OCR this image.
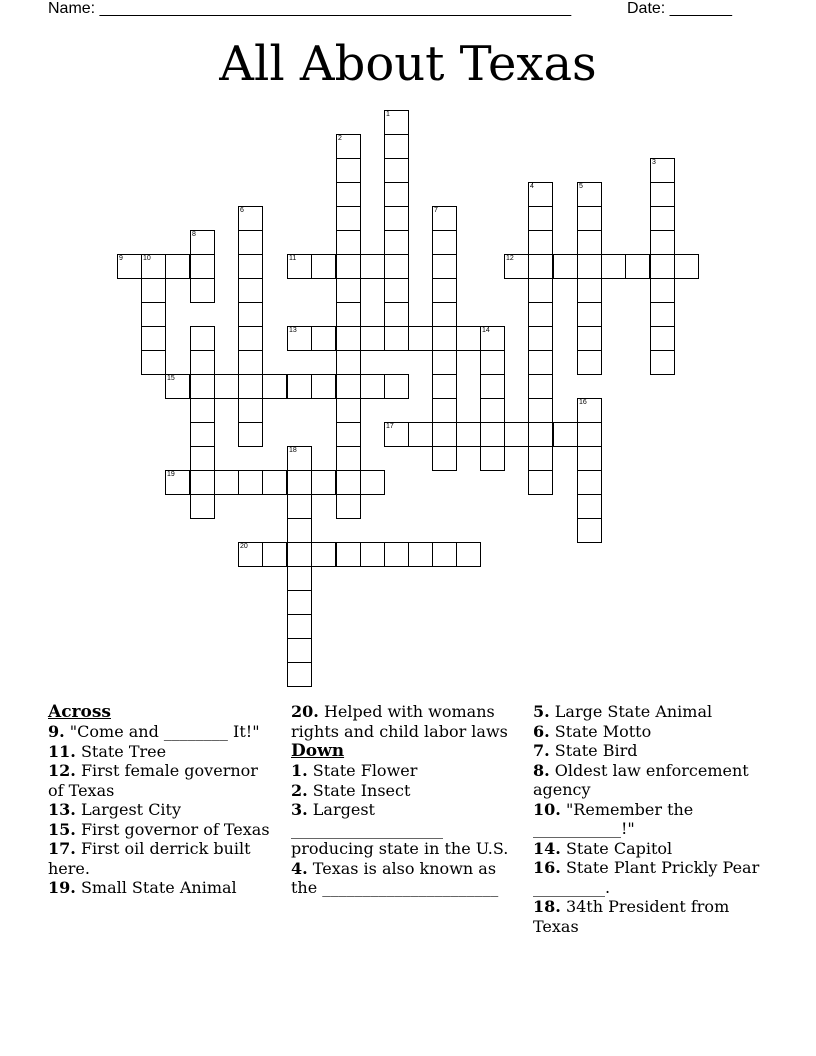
Name: _____________________________________________________	Date: _______
All About Texas
1
2
3
4	5
6	7
8
9	10	11	12
13	14
15
16
17
18
19
20
Across
9. "Come and ________ It!"
11. State Tree
12. First female governor of Texas
13. Largest City
15. First governor of Texas
17. First oil derrick built here.
19. Small State Animal
20. Helped with womans rights and child labor laws
Down
1. State Flower
2. State Insect
3. Largest ___________________ producing state in the U.S.
4. Texas is also known as the ______________________
5. Large State Animal
6. State Motto
7. State Bird
8. Oldest law enforcement agency
10. "Remember the ___________!"
14. State Capitol
16. State Plant Prickly Pear _________.
18. 34th President from Texas
